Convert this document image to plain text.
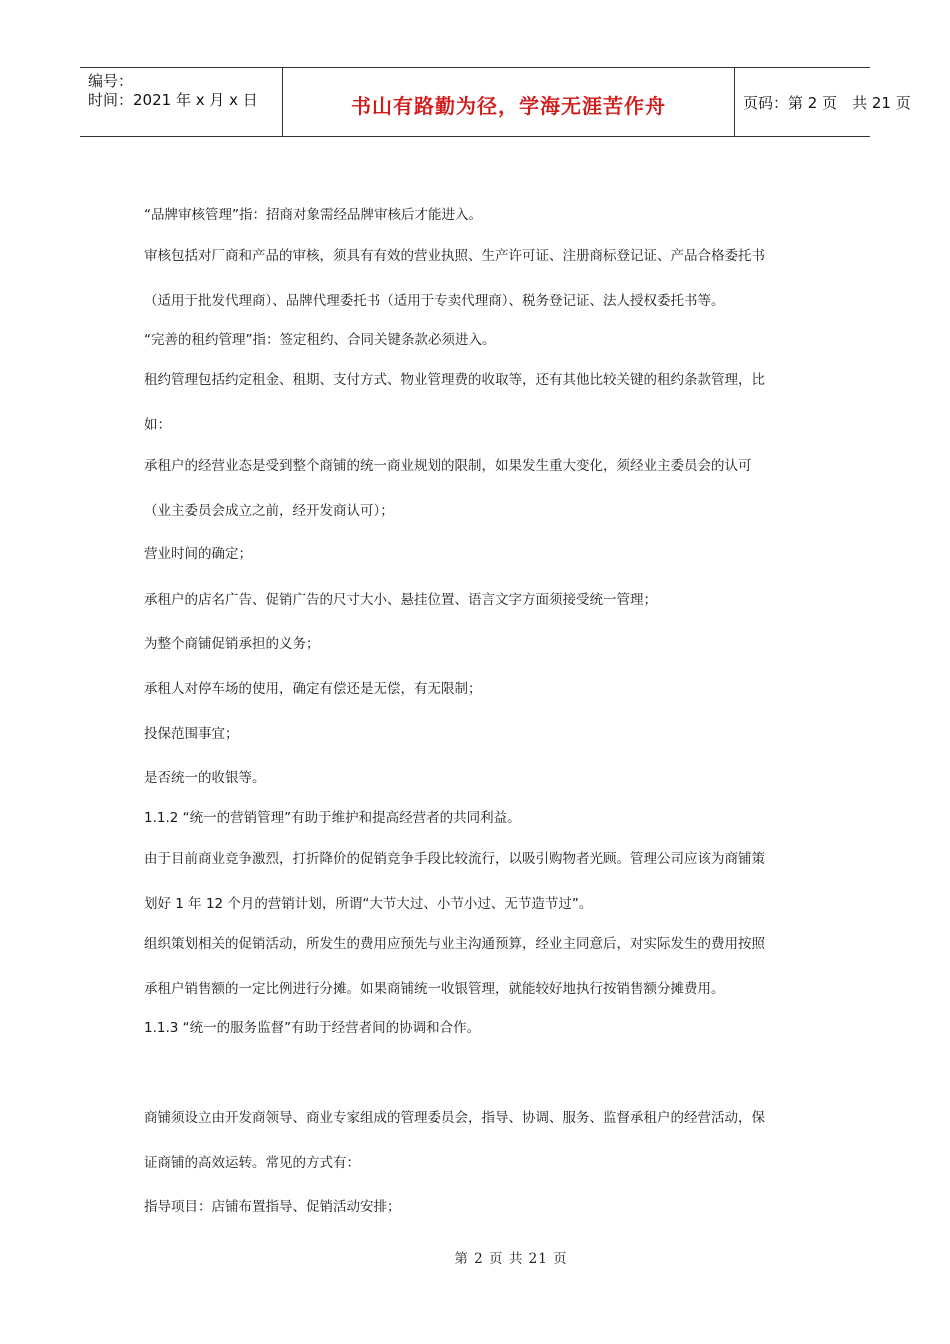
编号：
时间：2021 年 x 月 x 日	书山有路勤为径，学海无涯苦作舟	页码：第 2 页　共 21 页
“品牌审核管理”指：招商对象需经品牌审核后才能进入。
审核包括对厂商和产品的审核，须具有有效的营业执照、生产许可证、注册商标登记证、产品合格委托书
（适用于批发代理商）、品牌代理委托书（适用于专卖代理商）、税务登记证、法人授权委托书等。
“完善的租约管理”指：签定租约、合同关键条款必须进入。
租约管理包括约定租金、租期、支付方式、物业管理费的收取等，还有其他比较关键的租约条款管理，比
如：
承租户的经营业态是受到整个商铺的统一商业规划的限制，如果发生重大变化，须经业主委员会的认可
（业主委员会成立之前，经开发商认可）；
营业时间的确定；
承租户的店名广告、促销广告的尺寸大小、悬挂位置、语言文字方面须接受统一管理；
为整个商铺促销承担的义务；
承租人对停车场的使用，确定有偿还是无偿，有无限制；
投保范围事宜；
是否统一的收银等。
1.1.2 “统一的营销管理”有助于维护和提高经营者的共同利益。
由于目前商业竞争激烈，打折降价的促销竞争手段比较流行，以吸引购物者光顾。管理公司应该为商铺策
划好 1 年 12 个月的营销计划，所谓“大节大过、小节小过、无节造节过”。
组织策划相关的促销活动，所发生的费用应预先与业主沟通预算，经业主同意后，对实际发生的费用按照
承租户销售额的一定比例进行分摊。如果商铺统一收银管理，就能较好地执行按销售额分摊费用。
1.1.3 “统一的服务监督”有助于经营者间的协调和合作。
商铺须设立由开发商领导、商业专家组成的管理委员会，指导、协调、服务、监督承租户的经营活动，保
证商铺的高效运转。常见的方式有：
指导项目：店铺布置指导、促销活动安排；
第 2 页 共 21 页
